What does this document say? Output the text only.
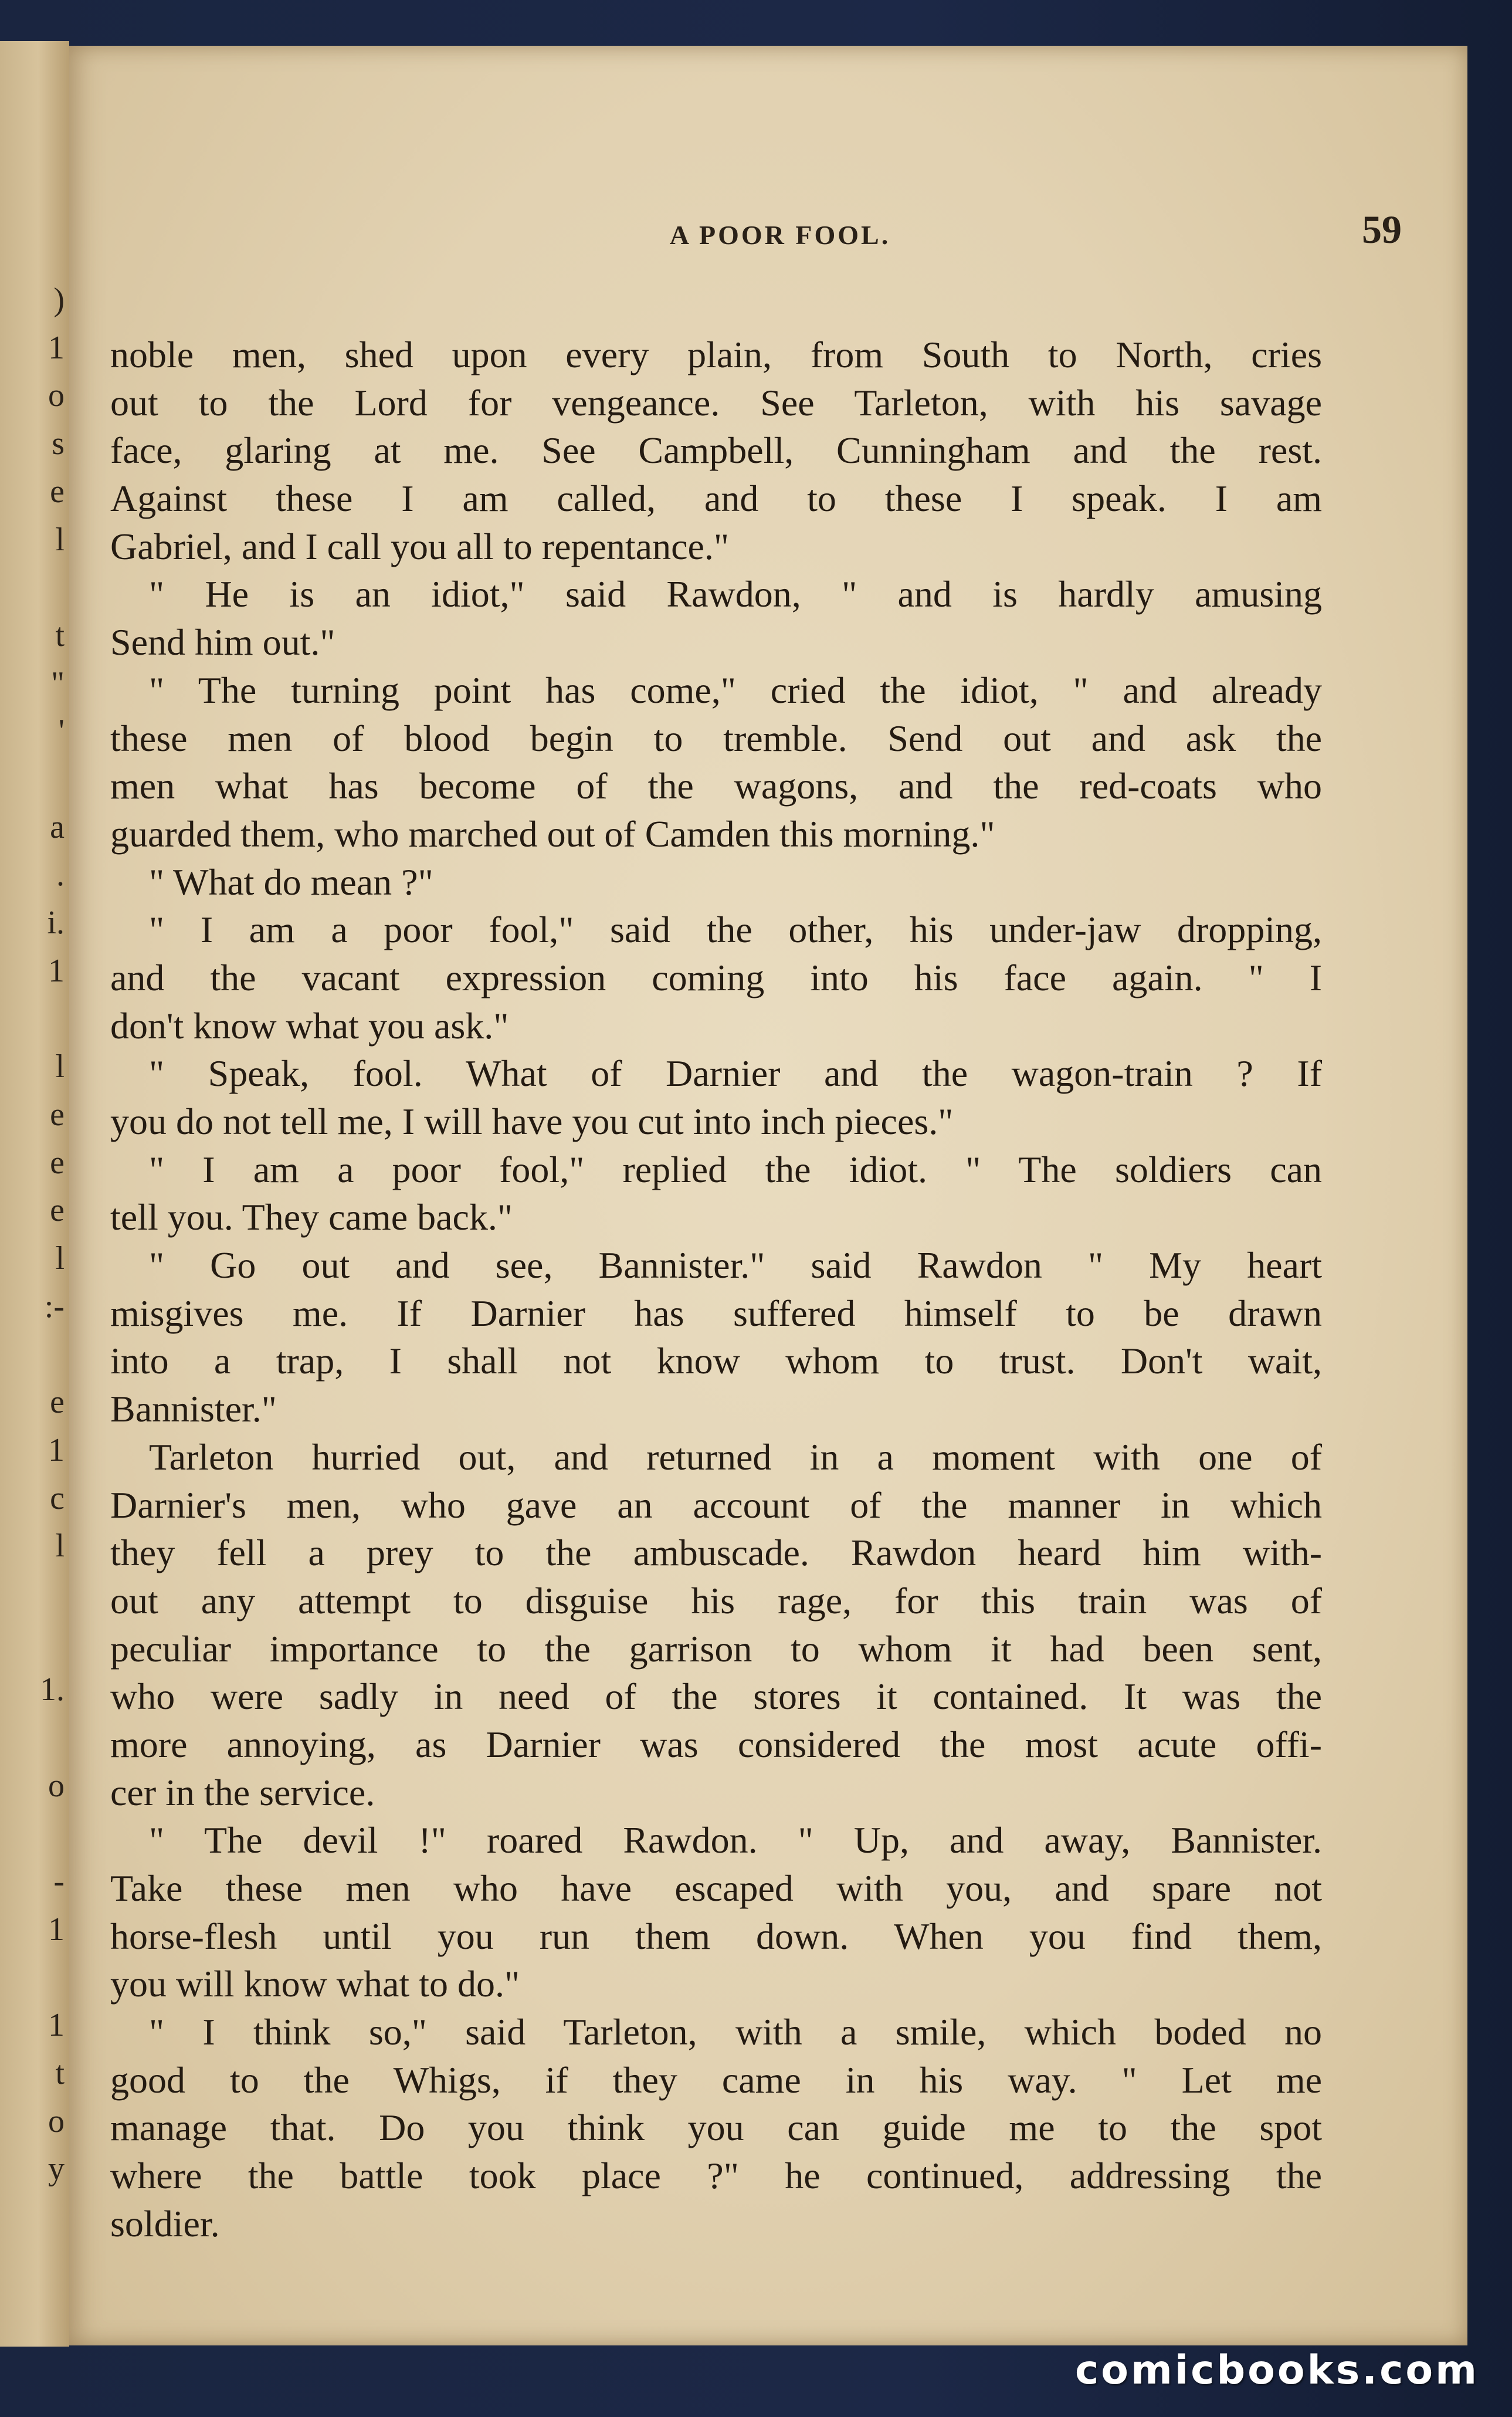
)
1
o
s
e
l
t
"
'
a
.
i.
1
l
e
e
e
l
:-
e
1
c
l
1.
o
-
1
1
t
o
y
A POOR FOOL.	59
noble men, shed upon every plain, from South to North, cries
out to the Lord for vengeance. See Tarleton, with his savage
face, glaring at me. See Campbell, Cunningham and the rest.
Against these I am called, and to these I speak. I am
Gabriel, and I call you all to repentance."
" He is an idiot," said Rawdon, " and is hardly amusing
Send him out."
" The turning point has come," cried the idiot, " and already
these men of blood begin to tremble. Send out and ask the
men what has become of the wagons, and the red-coats who
guarded them, who marched out of Camden this morning."
" What do mean ?"
" I am a poor fool," said the other, his under-jaw dropping,
and the vacant expression coming into his face again. " I
don't know what you ask."
" Speak, fool. What of Darnier and the wagon-train ? If
you do not tell me, I will have you cut into inch pieces."
" I am a poor fool," replied the idiot. " The soldiers can
tell you. They came back."
" Go out and see, Bannister." said Rawdon " My heart
misgives me. If Darnier has suffered himself to be drawn
into a trap, I shall not know whom to trust. Don't wait,
Bannister."
Tarleton hurried out, and returned in a moment with one of
Darnier's men, who gave an account of the manner in which
they fell a prey to the ambuscade. Rawdon heard him with-
out any attempt to disguise his rage, for this train was of
peculiar importance to the garrison to whom it had been sent,
who were sadly in need of the stores it contained. It was the
more annoying, as Darnier was considered the most acute offi-
cer in the service.
" The devil !" roared Rawdon. " Up, and away, Bannister.
Take these men who have escaped with you, and spare not
horse-flesh until you run them down. When you find them,
you will know what to do."
" I think so," said Tarleton, with a smile, which boded no
good to the Whigs, if they came in his way. " Let me
manage that. Do you think you can guide me to the spot
where the battle took place ?" he continued, addressing the
soldier.
comicbooks.com
